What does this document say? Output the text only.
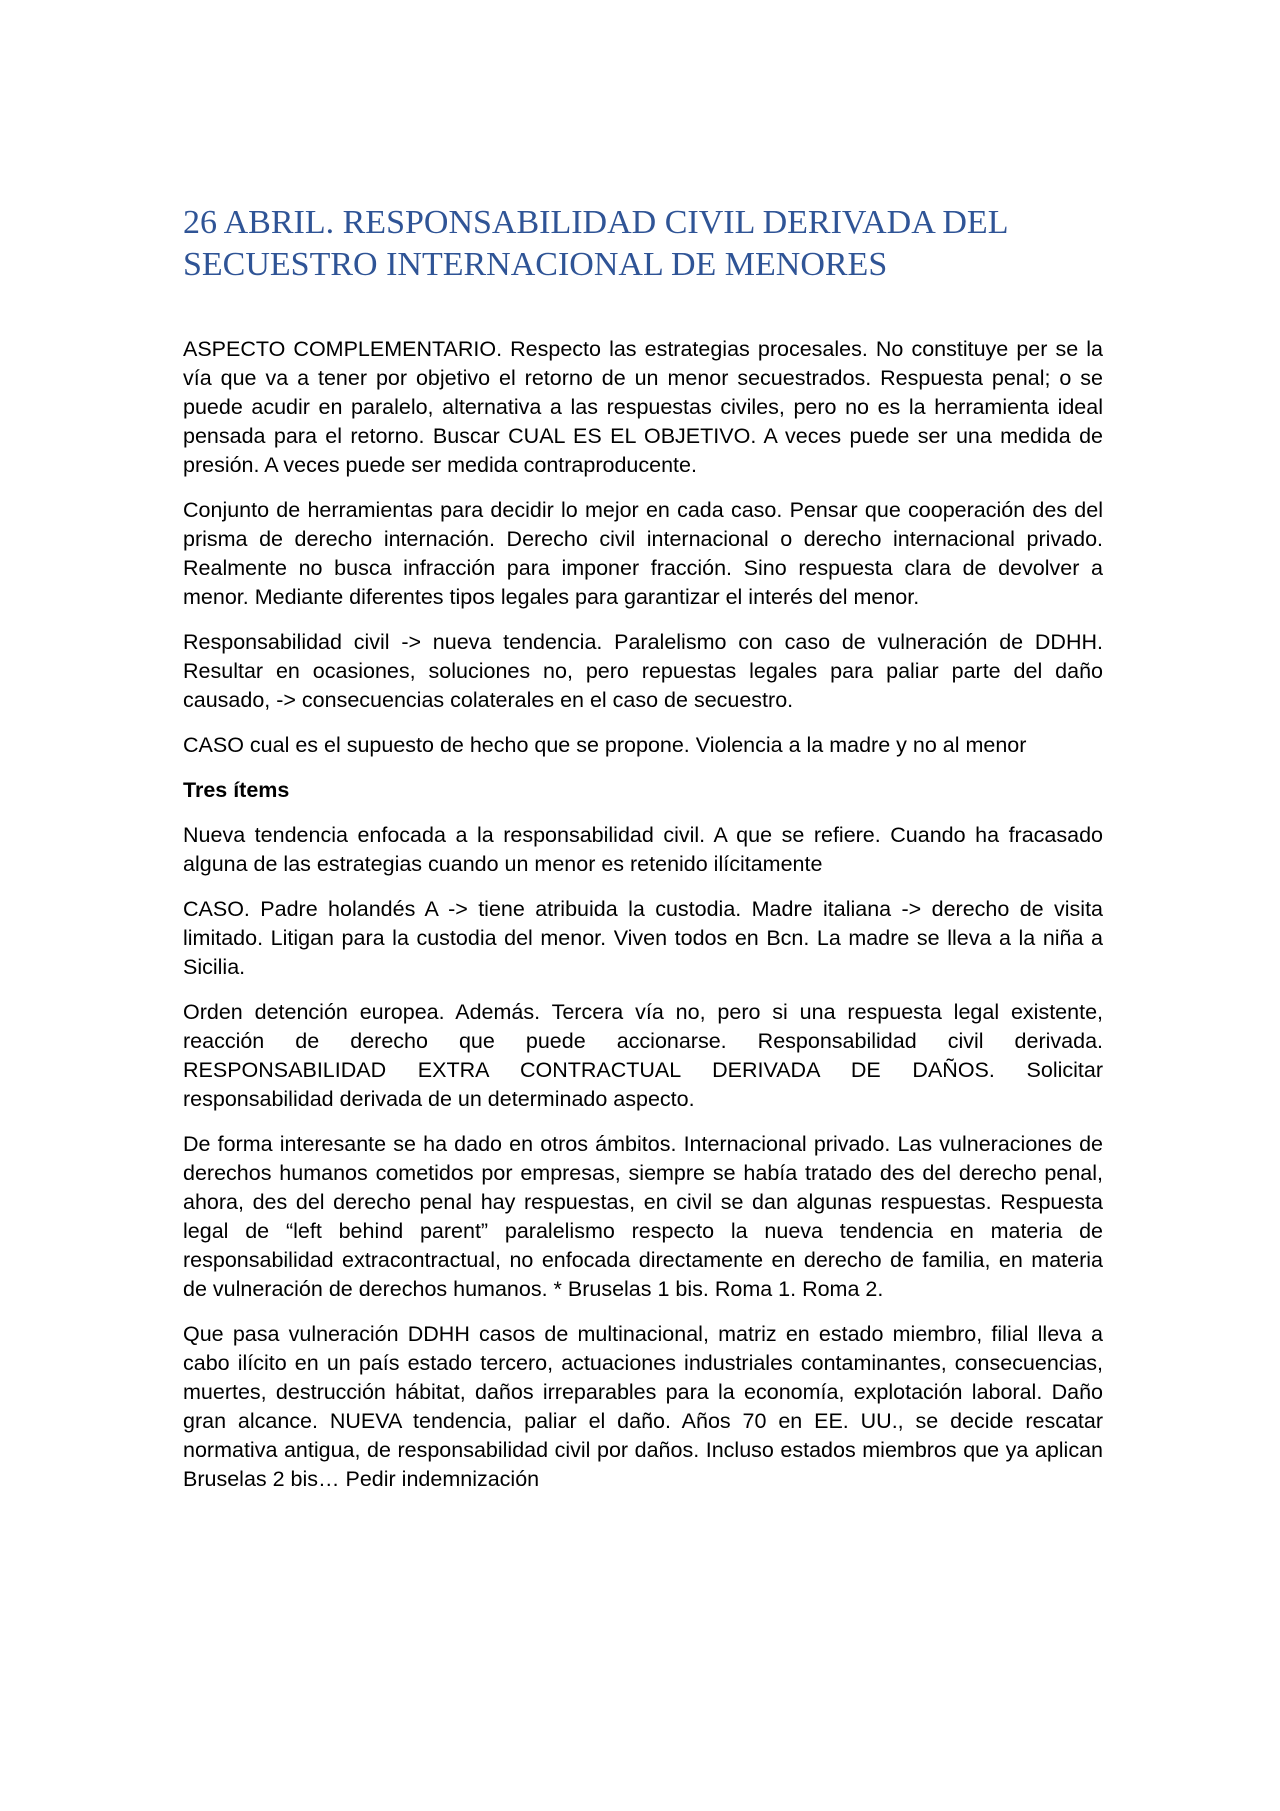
26 ABRIL. RESPONSABILIDAD CIVIL DERIVADA DEL SECUESTRO INTERNACIONAL DE MENORES

ASPECTO COMPLEMENTARIO. Respecto las estrategias procesales. No constituye per se la vía que va a tener por objetivo el retorno de un menor secuestrados. Respuesta penal; o se puede acudir en paralelo, alternativa a las respuestas civiles, pero no es la herramienta ideal pensada para el retorno. Buscar CUAL ES EL OBJETIVO. A veces puede ser una medida de presión. A veces puede ser medida contraproducente.

Conjunto de herramientas para decidir lo mejor en cada caso. Pensar que cooperación des del prisma de derecho internación. Derecho civil internacional o derecho internacional privado. Realmente no busca infracción para imponer fracción. Sino respuesta clara de devolver a menor. Mediante diferentes tipos legales para garantizar el interés del menor.

Responsabilidad civil -> nueva tendencia. Paralelismo con caso de vulneración de DDHH. Resultar en ocasiones, soluciones no, pero repuestas legales para paliar parte del daño causado, -> consecuencias colaterales en el caso de secuestro.

CASO cual es el supuesto de hecho que se propone. Violencia a la madre y no al menor

Tres ítems

Nueva tendencia enfocada a la responsabilidad civil. A que se refiere. Cuando ha fracasado alguna de las estrategias cuando un menor es retenido ilícitamente

CASO. Padre holandés A -> tiene atribuida la custodia. Madre italiana -> derecho de visita limitado. Litigan para la custodia del menor. Viven todos en Bcn. La madre se lleva a la niña a Sicilia.

Orden detención europea. Además. Tercera vía no, pero si una respuesta legal existente, reacción de derecho que puede accionarse. Responsabilidad civil derivada. RESPONSABILIDAD EXTRA CONTRACTUAL DERIVADA DE DAÑOS. Solicitar responsabilidad derivada de un determinado aspecto.

De forma interesante se ha dado en otros ámbitos. Internacional privado. Las vulneraciones de derechos humanos cometidos por empresas, siempre se había tratado des del derecho penal, ahora, des del derecho penal hay respuestas, en civil se dan algunas respuestas. Respuesta legal de “left behind parent” paralelismo respecto la nueva tendencia en materia de responsabilidad extracontractual, no enfocada directamente en derecho de familia, en materia de vulneración de derechos humanos. * Bruselas 1 bis. Roma 1. Roma 2.

Que pasa vulneración DDHH casos de multinacional, matriz en estado miembro, filial lleva a cabo ilícito en un país estado tercero, actuaciones industriales contaminantes, consecuencias, muertes, destrucción hábitat, daños irreparables para la economía, explotación laboral. Daño gran alcance. NUEVA tendencia, paliar el daño. Años 70 en EE. UU., se decide rescatar normativa antigua, de responsabilidad civil por daños. Incluso estados miembros que ya aplican Bruselas 2 bis… Pedir indemnización
